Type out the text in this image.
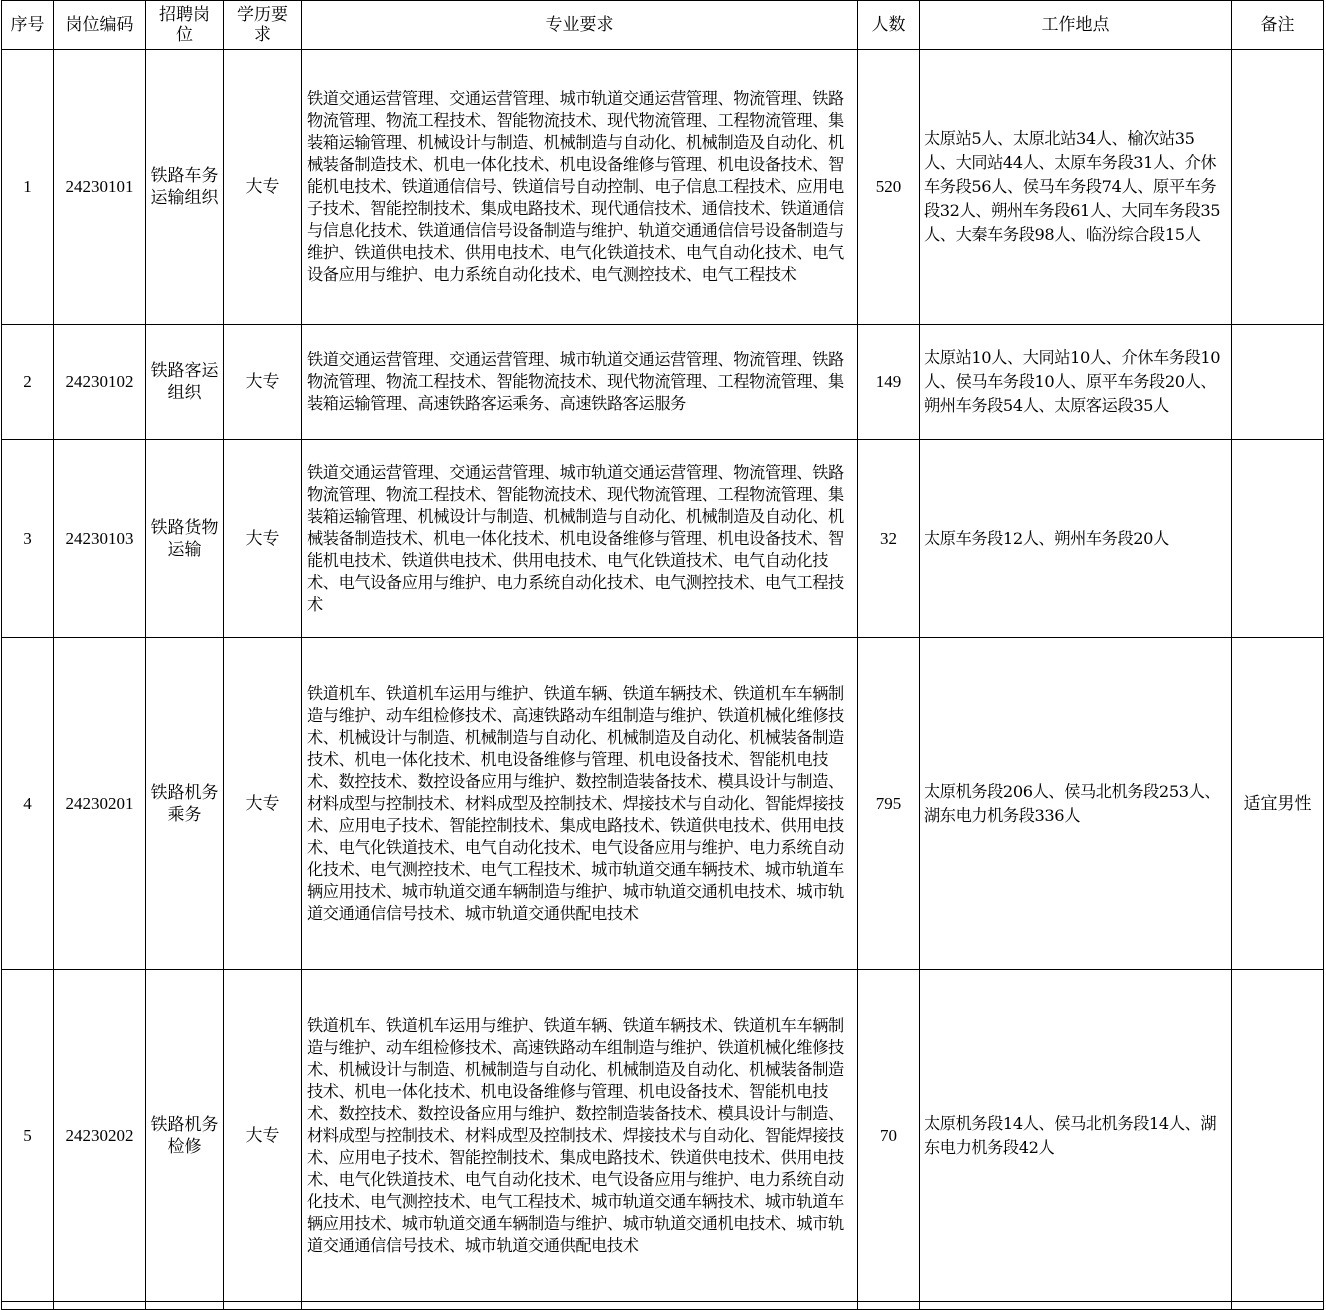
序号	岗位编码	招聘岗位	学历要求	专业要求	人数	工作地点	备注
1	24230101	铁路车务运输组织	大专	铁道交通运营管理、交通运营管理、城市轨道交通运营管理、物流管理、铁路物流管理、物流工程技术、智能物流技术、现代物流管理、工程物流管理、集装箱运输管理、机械设计与制造、机械制造与自动化、机械制造及自动化、机械装备制造技术、机电一体化技术、机电设备维修与管理、机电设备技术、智能机电技术、铁道通信信号、铁道信号自动控制、电子信息工程技术、应用电子技术、智能控制技术、集成电路技术、现代通信技术、通信技术、铁道通信与信息化技术、铁道通信信号设备制造与维护、轨道交通通信信号设备制造与维护、铁道供电技术、供用电技术、电气化铁道技术、电气自动化技术、电气设备应用与维护、电力系统自动化技术、电气测控技术、电气工程技术	520	太原站5人、太原北站34人、榆次站35人、大同站44人、太原车务段31人、介休车务段56人、侯马车务段74人、原平车务段32人、朔州车务段61人、大同车务段35人、大秦车务段98人、临汾综合段15人	
2	24230102	铁路客运组织	大专	铁道交通运营管理、交通运营管理、城市轨道交通运营管理、物流管理、铁路物流管理、物流工程技术、智能物流技术、现代物流管理、工程物流管理、集装箱运输管理、高速铁路客运乘务、高速铁路客运服务	149	太原站10人、大同站10人、介休车务段10人、侯马车务段10人、原平车务段20人、朔州车务段54人、太原客运段35人	
3	24230103	铁路货物运输	大专	铁道交通运营管理、交通运营管理、城市轨道交通运营管理、物流管理、铁路物流管理、物流工程技术、智能物流技术、现代物流管理、工程物流管理、集装箱运输管理、机械设计与制造、机械制造与自动化、机械制造及自动化、机械装备制造技术、机电一体化技术、机电设备维修与管理、机电设备技术、智能机电技术、铁道供电技术、供用电技术、电气化铁道技术、电气自动化技术、电气设备应用与维护、电力系统自动化技术、电气测控技术、电气工程技术	32	太原车务段12人、朔州车务段20人	
4	24230201	铁路机务乘务	大专	铁道机车、铁道机车运用与维护、铁道车辆、铁道车辆技术、铁道机车车辆制造与维护、动车组检修技术、高速铁路动车组制造与维护、铁道机械化维修技术、机械设计与制造、机械制造与自动化、机械制造及自动化、机械装备制造技术、机电一体化技术、机电设备维修与管理、机电设备技术、智能机电技术、数控技术、数控设备应用与维护、数控制造装备技术、模具设计与制造、材料成型与控制技术、材料成型及控制技术、焊接技术与自动化、智能焊接技术、应用电子技术、智能控制技术、集成电路技术、铁道供电技术、供用电技术、电气化铁道技术、电气自动化技术、电气设备应用与维护、电力系统自动化技术、电气测控技术、电气工程技术、城市轨道交通车辆技术、城市轨道车辆应用技术、城市轨道交通车辆制造与维护、城市轨道交通机电技术、城市轨道交通通信信号技术、城市轨道交通供配电技术	795	太原机务段206人、侯马北机务段253人、湖东电力机务段336人	适宜男性
5	24230202	铁路机务检修	大专	铁道机车、铁道机车运用与维护、铁道车辆、铁道车辆技术、铁道机车车辆制造与维护、动车组检修技术、高速铁路动车组制造与维护、铁道机械化维修技术、机械设计与制造、机械制造与自动化、机械制造及自动化、机械装备制造技术、机电一体化技术、机电设备维修与管理、机电设备技术、智能机电技术、数控技术、数控设备应用与维护、数控制造装备技术、模具设计与制造、材料成型与控制技术、材料成型及控制技术、焊接技术与自动化、智能焊接技术、应用电子技术、智能控制技术、集成电路技术、铁道供电技术、供用电技术、电气化铁道技术、电气自动化技术、电气设备应用与维护、电力系统自动化技术、电气测控技术、电气工程技术、城市轨道交通车辆技术、城市轨道车辆应用技术、城市轨道交通车辆制造与维护、城市轨道交通机电技术、城市轨道交通通信信号技术、城市轨道交通供配电技术	70	太原机务段14人、侯马北机务段14人、湖东电力机务段42人	
